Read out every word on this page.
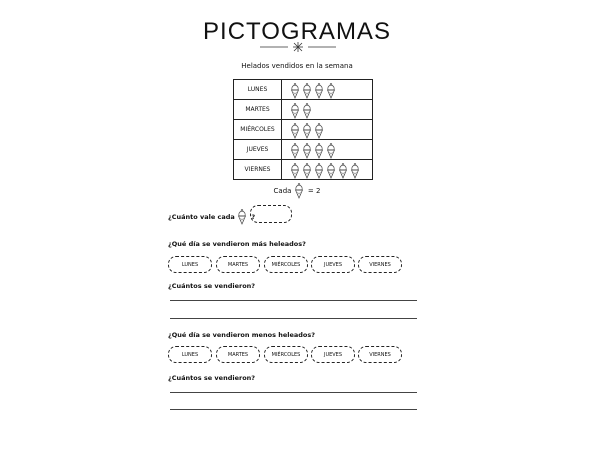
PICTOGRAMAS
Helados vendidos en la semana
LUNES	
MARTES	
MIÉRCOLES	
JUEVES	
VIERNES	
Cada = 2
¿Cuánto vale cada	?
¿Qué día se vendieron más heleados?
LUNES	MARTES	MIÉRCOLES	JUEVES	VIERNES
¿Cuántos se vendieron?
¿Qué día se vendieron menos heleados?
LUNES	MARTES	MIÉRCOLES	JUEVES	VIERNES
¿Cuántos se vendieron?
